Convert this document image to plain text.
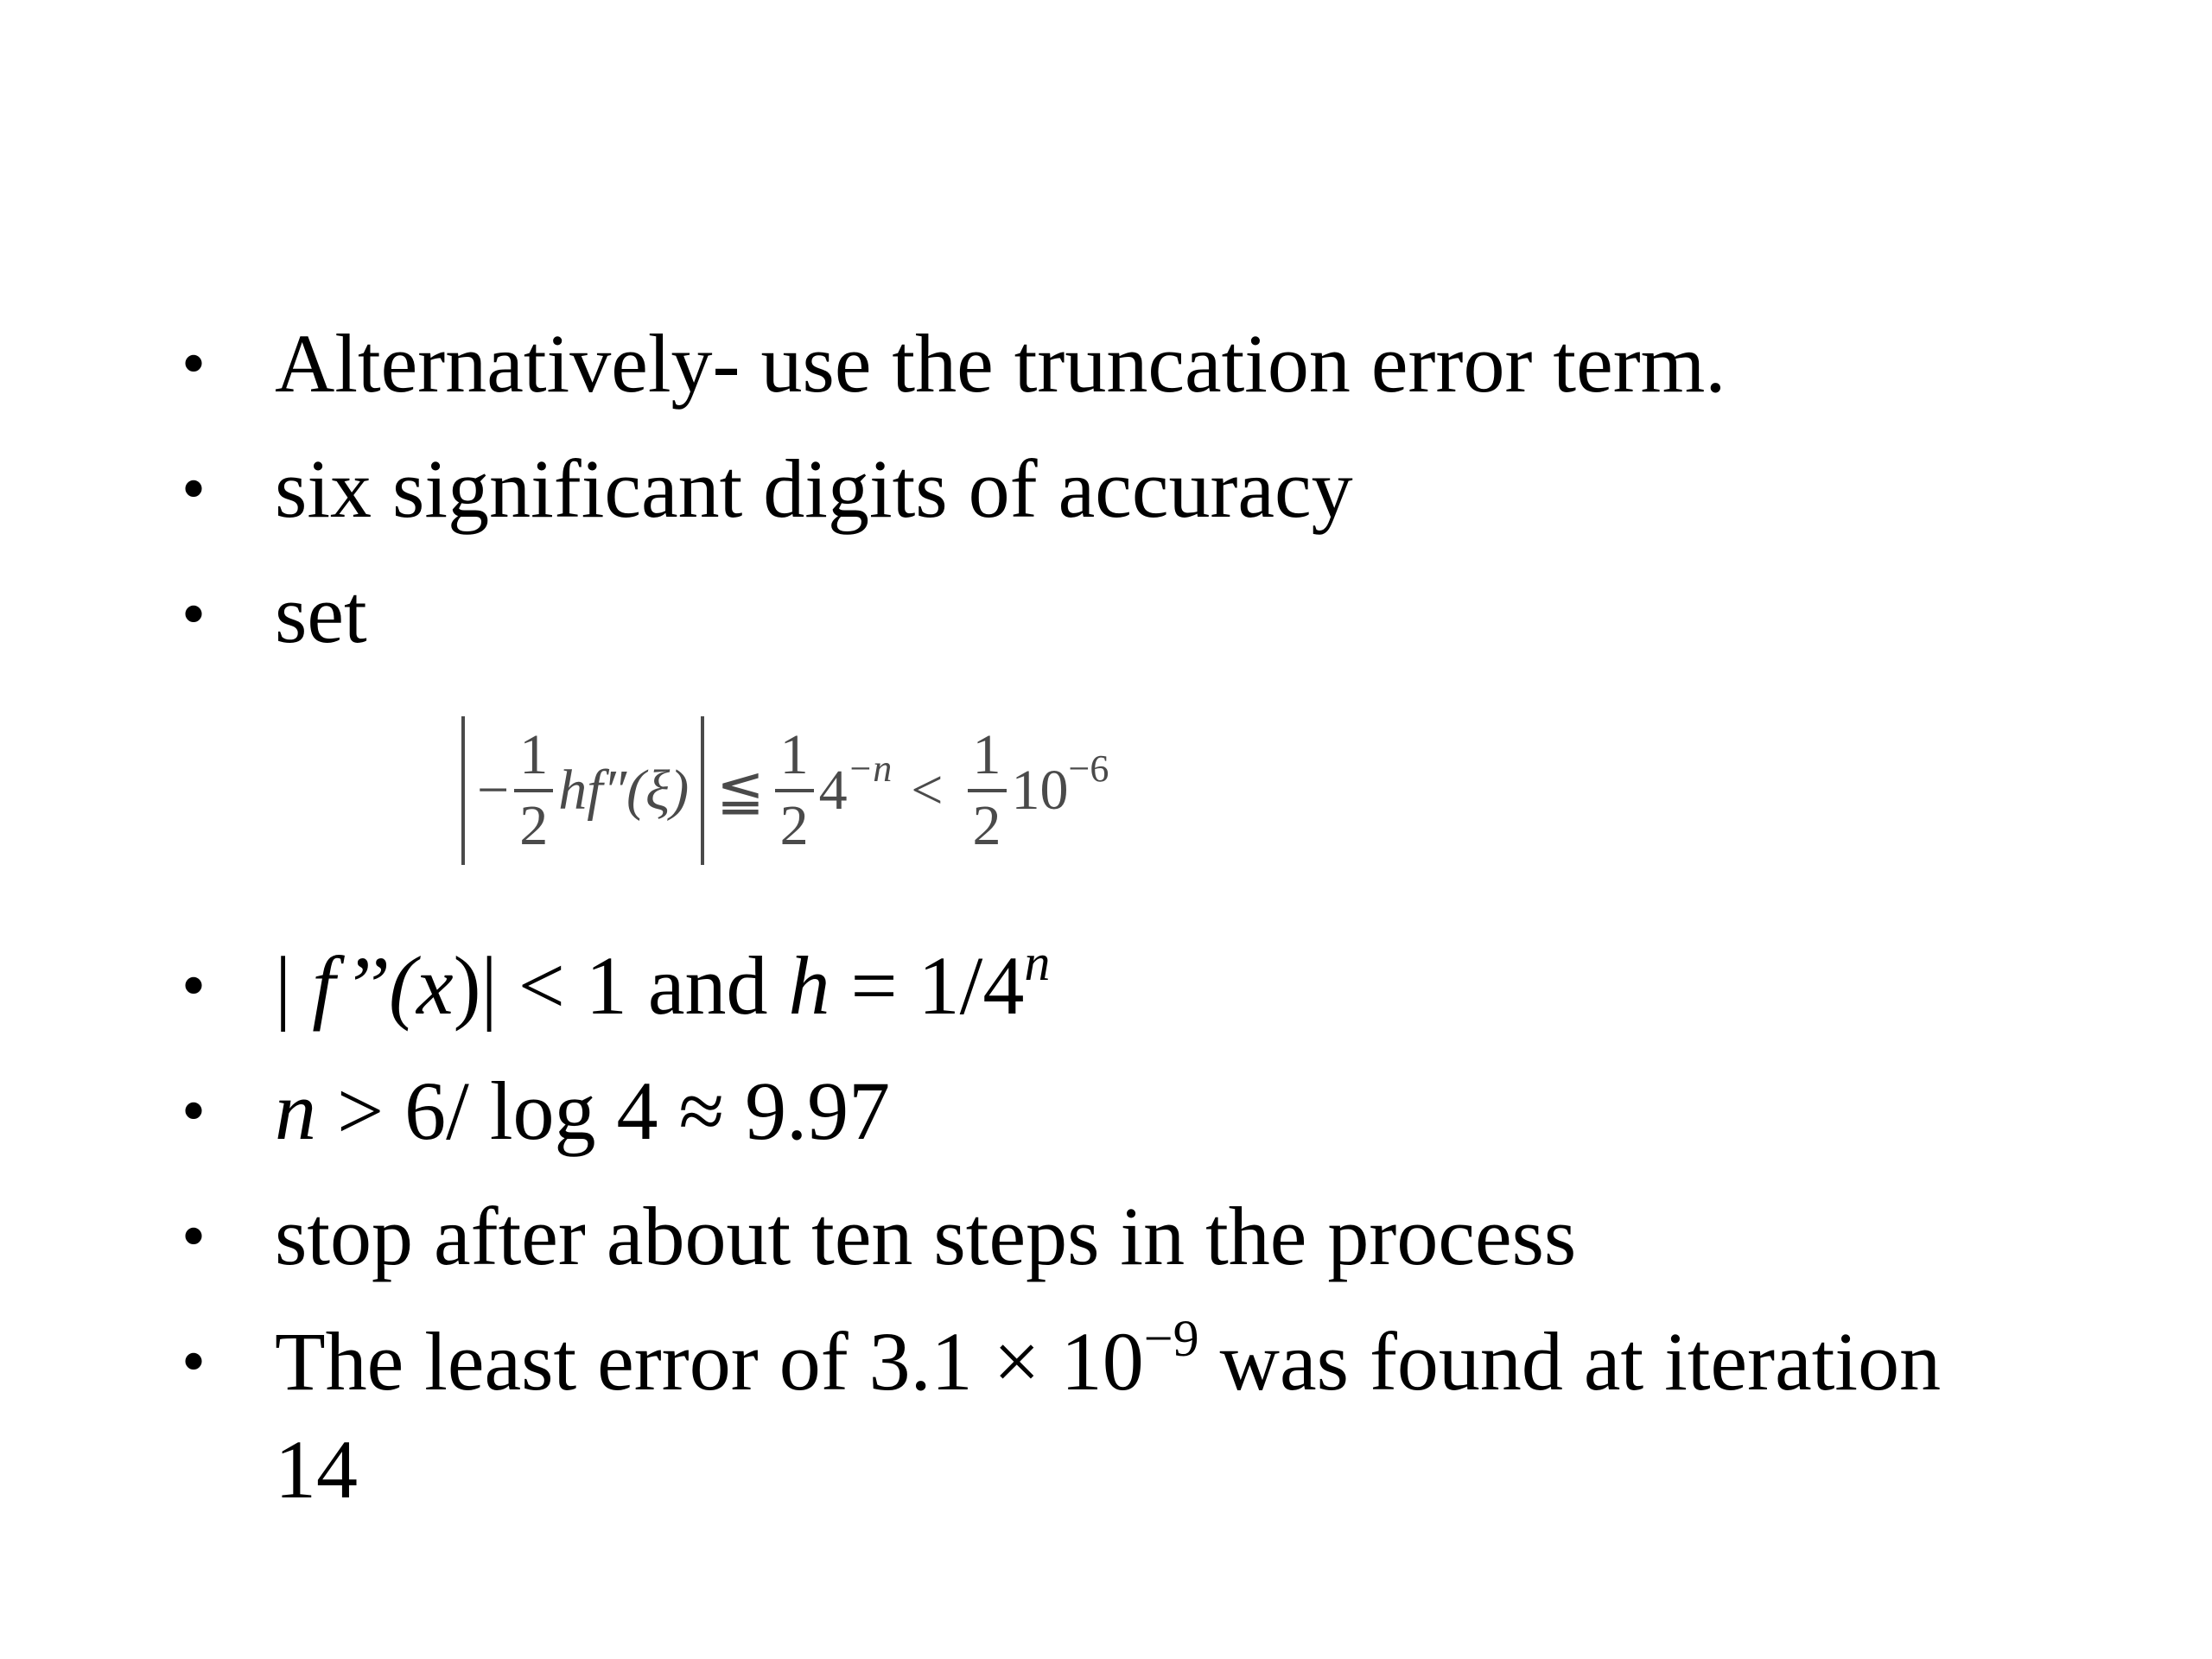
• Alternatively- use the truncation error term.
• six significant digits of accuracy
• set
• | f’’(x)| < 1 and $h = 1/4^n$
• n > 6/ log 4 ≈ 9.97
• stop after about ten steps in the process
• The least error of $3.1 \times 10^{-9}$ was found at iteration
14
− $\frac{1}{2} hf''(\xi)$ ≦ $\frac{1}{2} 4 -n < \frac{1}{2} 10 -6$
